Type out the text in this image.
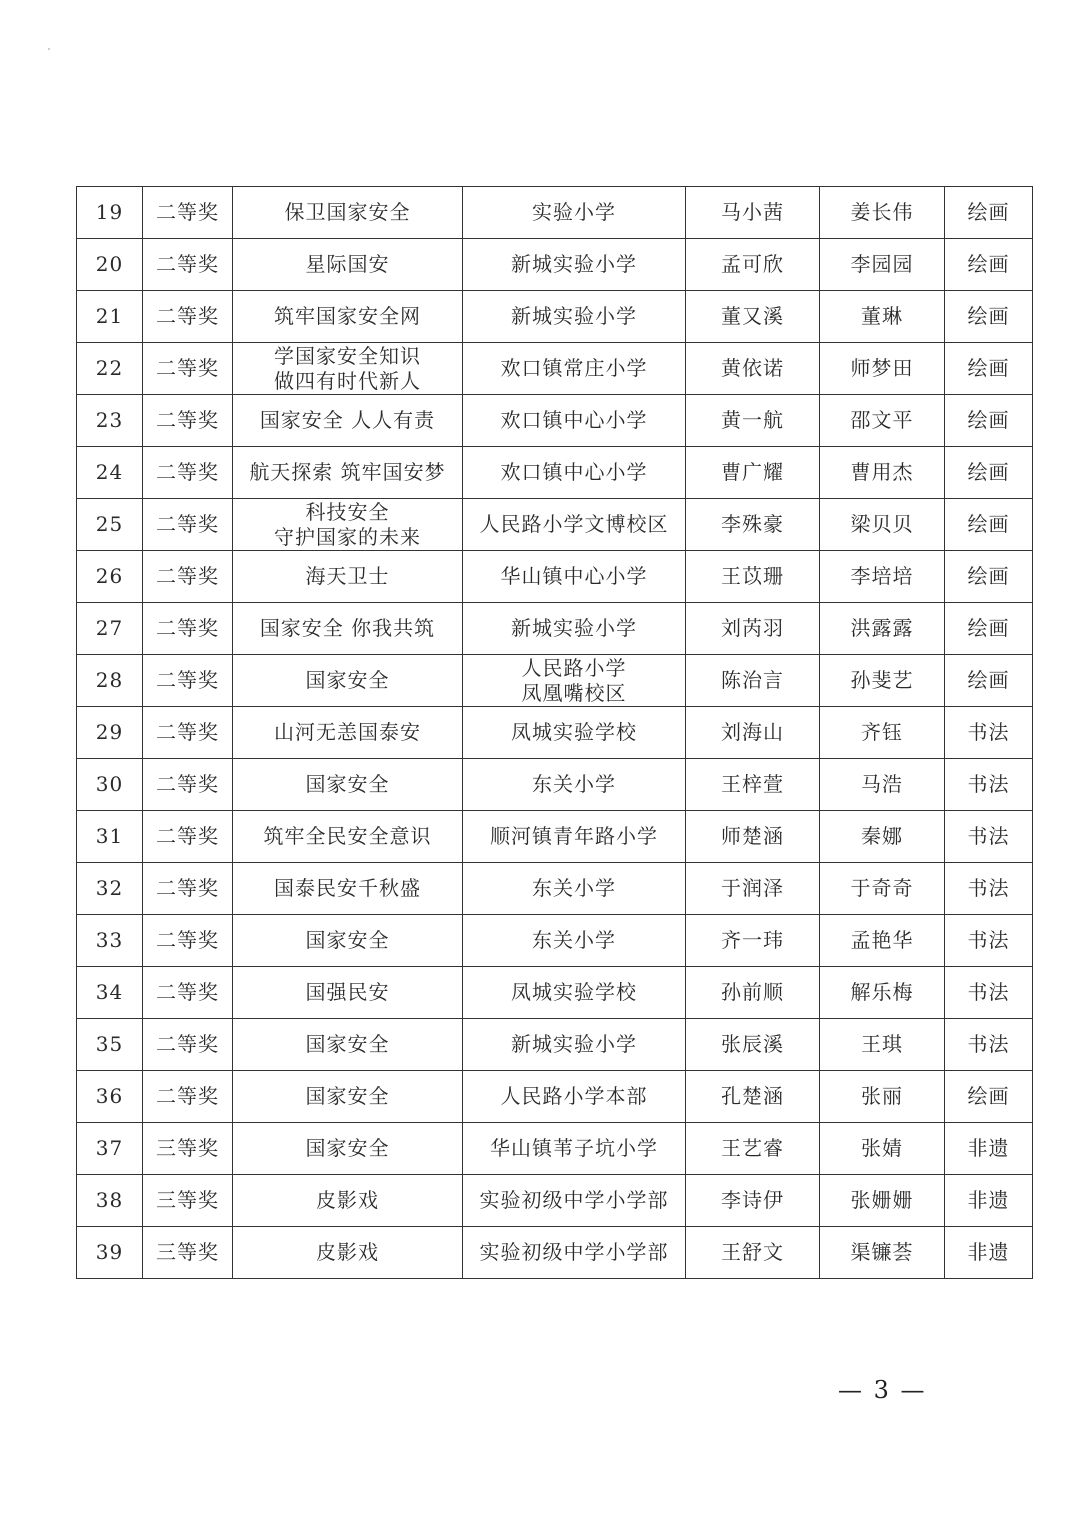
19	二等奖	保卫国家安全	实验小学	马小茜	姜长伟	绘画
20	二等奖	星际国安	新城实验小学	孟可欣	李园园	绘画
21	二等奖	筑牢国家安全网	新城实验小学	董又溪	董琳	绘画
22	二等奖	学国家安全知识
做四有时代新人	欢口镇常庄小学	黄依诺	师梦田	绘画
23	二等奖	国家安全 人人有责	欢口镇中心小学	黄一航	邵文平	绘画
24	二等奖	航天探索 筑牢国安梦	欢口镇中心小学	曹广耀	曹用杰	绘画
25	二等奖	科技安全
守护国家的未来	人民路小学文博校区	李殊豪	梁贝贝	绘画
26	二等奖	海天卫士	华山镇中心小学	王苡珊	李培培	绘画
27	二等奖	国家安全 你我共筑	新城实验小学	刘芮羽	洪露露	绘画
28	二等奖	国家安全	人民路小学
凤凰嘴校区	陈治言	孙斐艺	绘画
29	二等奖	山河无恙国泰安	凤城实验学校	刘海山	齐钰	书法
30	二等奖	国家安全	东关小学	王梓萱	马浩	书法
31	二等奖	筑牢全民安全意识	顺河镇青年路小学	师楚涵	秦娜	书法
32	二等奖	国泰民安千秋盛	东关小学	于润泽	于奇奇	书法
33	二等奖	国家安全	东关小学	齐一玮	孟艳华	书法
34	二等奖	国强民安	凤城实验学校	孙前顺	解乐梅	书法
35	二等奖	国家安全	新城实验小学	张辰溪	王琪	书法
36	二等奖	国家安全	人民路小学本部	孔楚涵	张丽	绘画
37	三等奖	国家安全	华山镇苇子坑小学	王艺睿	张婧	非遗
38	三等奖	皮影戏	实验初级中学小学部	李诗伊	张姗姗	非遗
39	三等奖	皮影戏	实验初级中学小学部	王舒文	渠镰荟	非遗
— 3 —
